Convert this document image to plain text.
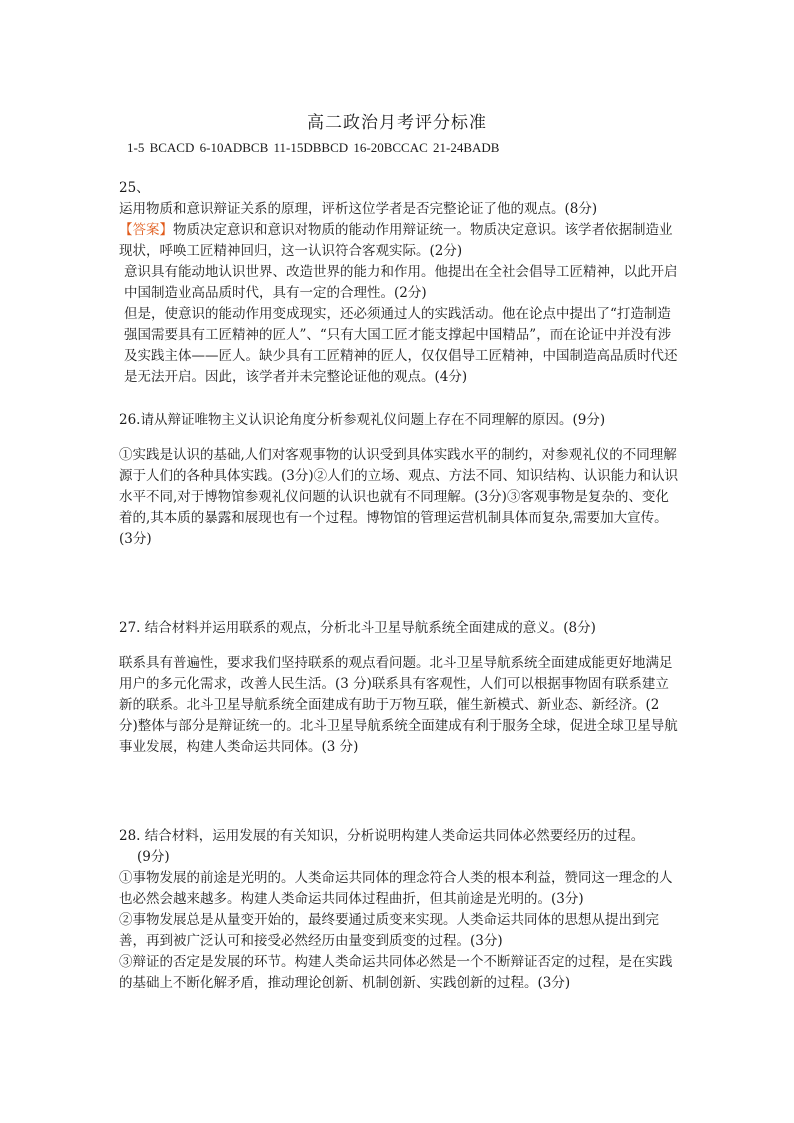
高二政治月考评分标准
1-5 BCACD 6-10ADBCB 11-15DBBCD 16-20BCCAC 21-24BADB

25、

运用物质和意识辩证关系的原理，评析这位学者是否完整论证了他的观点。(8分)

【答案】物质决定意识和意识对物质的能动作用辩证统一。物质决定意识。该学者依据制造业现状，呼唤工匠精神回归，这一认识符合客观实际。(2分)

意识具有能动地认识世界、改造世界的能力和作用。他提出在全社会倡导工匠精神，以此开启中国制造业高品质时代，具有一定的合理性。(2分)

但是，使意识的能动作用变成现实，还必须通过人的实践活动。他在论点中提出了“打造制造强国需要具有工匠精神的匠人”、“只有大国工匠才能支撑起中国精品”，而在论证中并没有涉及实践主体——匠人。缺少具有工匠精神的匠人，仅仅倡导工匠精神，中国制造高品质时代还是无法开启。因此，该学者并未完整论证他的观点。(4分)

26.请从辩证唯物主义认识论角度分析参观礼仪问题上存在不同理解的原因。(9分)

①实践是认识的基础,人们对客观事物的认识受到具体实践水平的制约，对参观礼仪的不同理解源于人们的各种具体实践。(3分)②人们的立场、观点、方法不同、知识结构、认识能力和认识水平不同,对于博物馆参观礼仪问题的认识也就有不同理解。(3分)③客观事物是复杂的、变化着的,其本质的暴露和展现也有一个过程。博物馆的管理运营机制具体而复杂,需要加大宣传。(3分)

27. 结合材料并运用联系的观点，分析北斗卫星导航系统全面建成的意义。(8分)

联系具有普遍性，要求我们坚持联系的观点看问题。北斗卫星导航系统全面建成能更好地满足用户的多元化需求，改善人民生活。(3 分)联系具有客观性，人们可以根据事物固有联系建立新的联系。北斗卫星导航系统全面建成有助于万物互联，催生新模式、新业态、新经济。(2 分)整体与部分是辩证统一的。北斗卫星导航系统全面建成有利于服务全球，促进全球卫星导航事业发展，构建人类命运共同体。(3 分)

28. 结合材料，运用发展的有关知识，分析说明构建人类命运共同体必然要经历的过程。

(9分)

①事物发展的前途是光明的。人类命运共同体的理念符合人类的根本利益，赞同这一理念的人也必然会越来越多。构建人类命运共同体过程曲折，但其前途是光明的。(3分)

②事物发展总是从量变开始的，最终要通过质变来实现。人类命运共同体的思想从提出到完善，再到被广泛认可和接受必然经历由量变到质变的过程。(3分)

③辩证的否定是发展的环节。构建人类命运共同体必然是一个不断辩证否定的过程，是在实践的基础上不断化解矛盾，推动理论创新、机制创新、实践创新的过程。(3分)
